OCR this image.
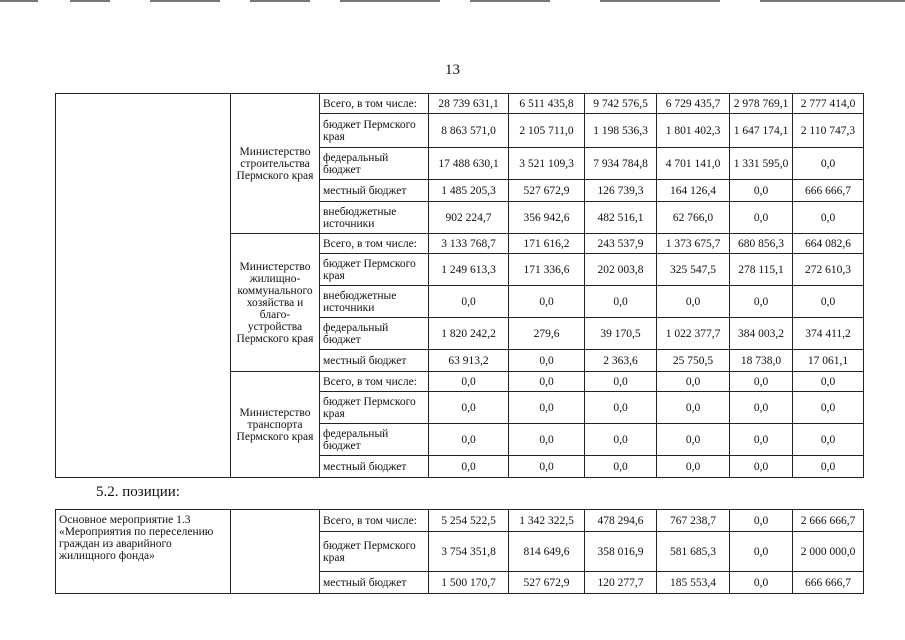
13
	Министерство строительства Пермского края	Всего, в том числе:	28 739 631,1	6 511 435,8	9 742 576,5	6 729 435,7	2 978 769,1	2 777 414,0
		бюджет Пермского края	8 863 571,0	2 105 711,0	1 198 536,3	1 801 402,3	1 647 174,1	2 110 747,3
		федеральный бюджет	17 488 630,1	3 521 109,3	7 934 784,8	4 701 141,0	1 331 595,0	0,0
		местный бюджет	1 485 205,3	527 672,9	126 739,3	164 126,4	0,0	666 666,7
		внебюджетные источники	902 224,7	356 942,6	482 516,1	62 766,0	0,0	0,0
	Министерство жилищно-коммунального хозяйства и благо-устройства Пермского края	Всего, в том числе:	3 133 768,7	171 616,2	243 537,9	1 373 675,7	680 856,3	664 082,6
		бюджет Пермского края	1 249 613,3	171 336,6	202 003,8	325 547,5	278 115,1	272 610,3
		внебюджетные источники	0,0	0,0	0,0	0,0	0,0	0,0
		федеральный бюджет	1 820 242,2	279,6	39 170,5	1 022 377,7	384 003,2	374 411,2
		местный бюджет	63 913,2	0,0	2 363,6	25 750,5	18 738,0	17 061,1
	Министерство транспорта Пермского края	Всего, в том числе:	0,0	0,0	0,0	0,0	0,0	0,0
		бюджет Пермского края	0,0	0,0	0,0	0,0	0,0	0,0
		федеральный бюджет	0,0	0,0	0,0	0,0	0,0	0,0
		местный бюджет	0,0	0,0	0,0	0,0	0,0	0,0
5.2. позиции:
Основное мероприятие 1.3 «Мероприятия по переселению граждан из аварийного жилищного фонда»		Всего, в том числе:	5 254 522,5	1 342 322,5	478 294,6	767 238,7	0,0	2 666 666,7
		бюджет Пермского края	3 754 351,8	814 649,6	358 016,9	581 685,3	0,0	2 000 000,0
		местный бюджет	1 500 170,7	527 672,9	120 277,7	185 553,4	0,0	666 666,7
